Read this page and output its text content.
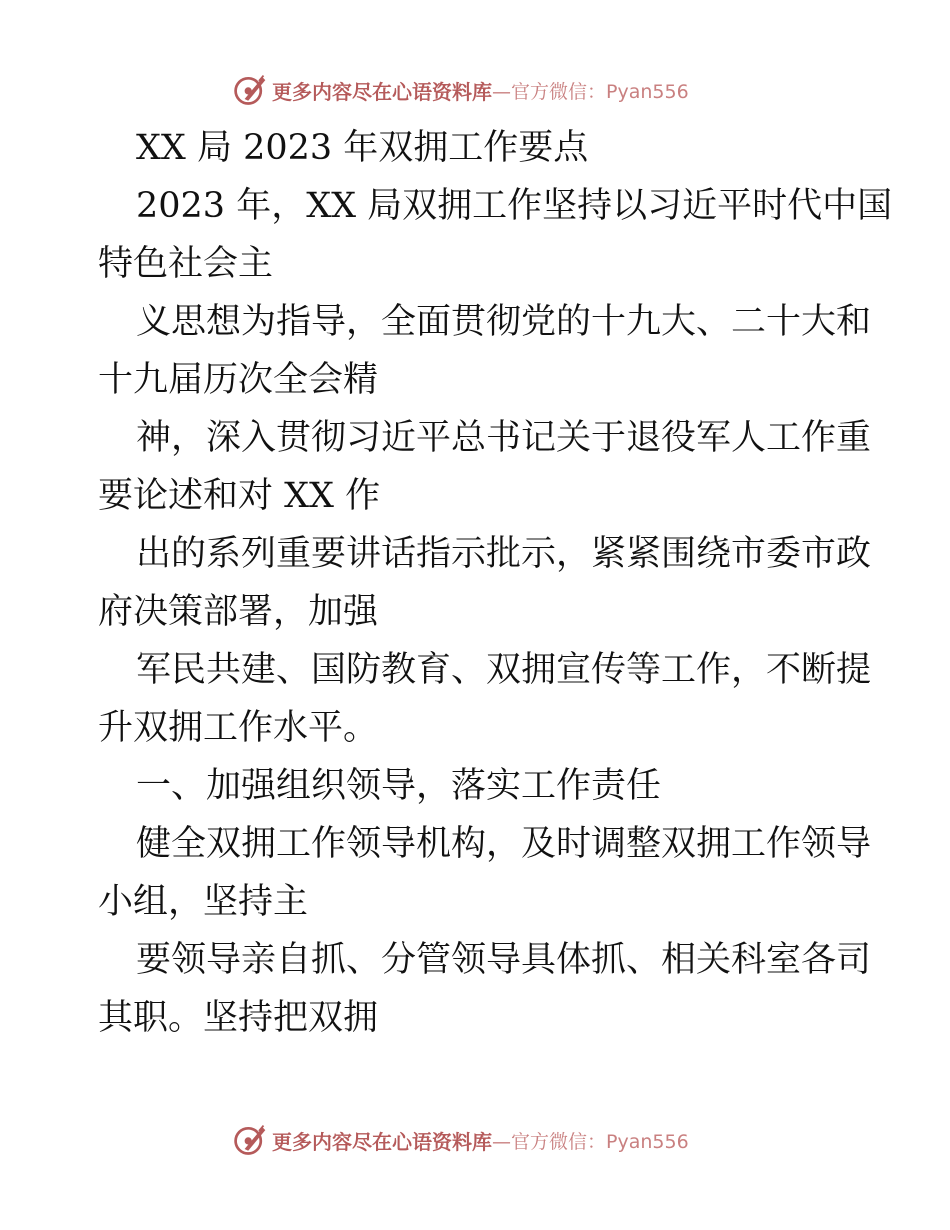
更多内容尽在心语资料库 —官方微信：Pyan556
XX 局 2023 年双拥工作要点
2023 年，XX 局双拥工作坚持以习近平时代中国
特色社会主
义思想为指导，全面贯彻党的十九大、二十大和
十九届历次全会精
神，深入贯彻习近平总书记关于退役军人工作重
要论述和对 XX 作
出的系列重要讲话指示批示，紧紧围绕市委市政
府决策部署，加强
军民共建、国防教育、双拥宣传等工作，不断提
升双拥工作水平。
一、加强组织领导，落实工作责任
健全双拥工作领导机构，及时调整双拥工作领导
小组，坚持主
要领导亲自抓、分管领导具体抓、相关科室各司
其职。坚持把双拥
更多内容尽在心语资料库 —官方微信：Pyan556
